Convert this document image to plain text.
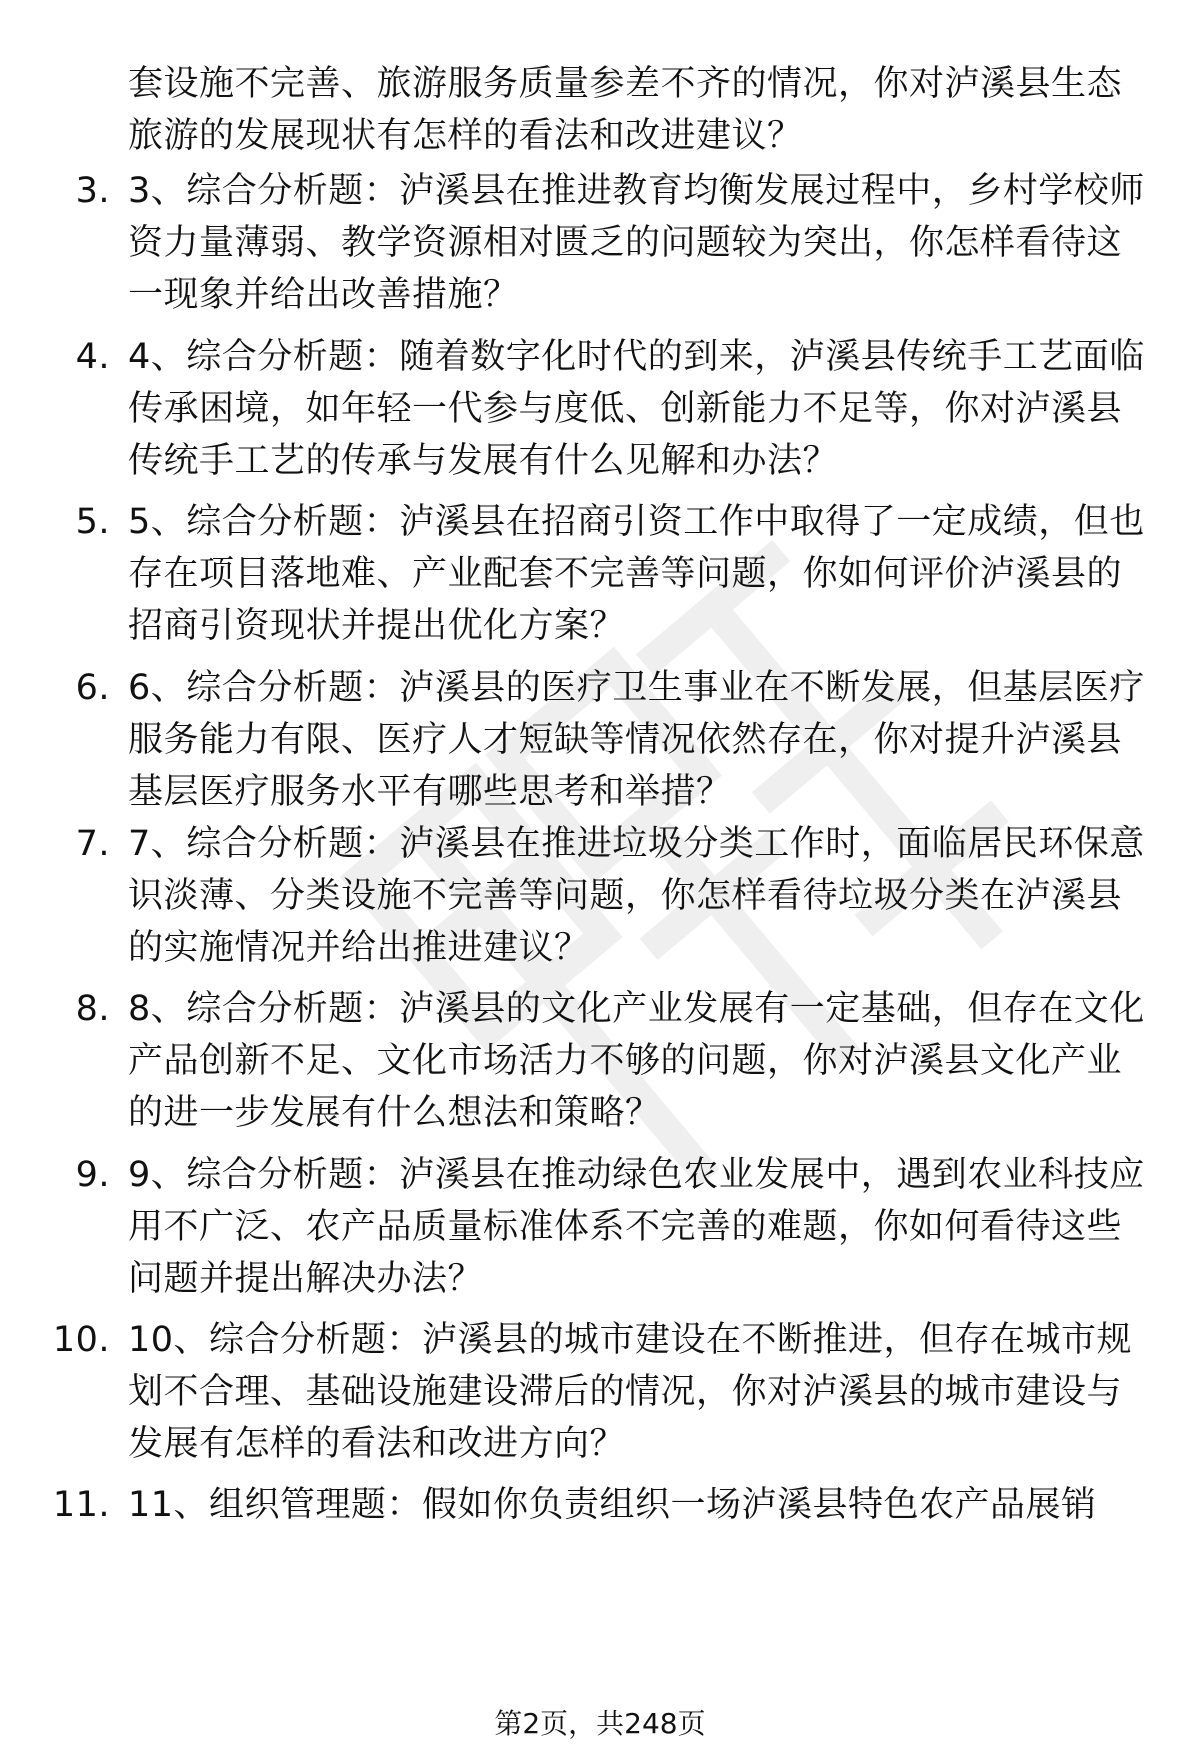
套设施不完善、旅游服务质量参差不齐的情况，你对泸溪县生态
旅游的发展现状有怎样的看法和改进建议？
3. 3、综合分析题：泸溪县在推进教育均衡发展过程中，乡村学校师
资力量薄弱、教学资源相对匮乏的问题较为突出，你怎样看待这
一现象并给出改善措施？
4. 4、综合分析题：随着数字化时代的到来，泸溪县传统手工艺面临
传承困境，如年轻一代参与度低、创新能力不足等，你对泸溪县
传统手工艺的传承与发展有什么见解和办法？
5. 5、综合分析题：泸溪县在招商引资工作中取得了一定成绩，但也
存在项目落地难、产业配套不完善等问题，你如何评价泸溪县的
招商引资现状并提出优化方案？
6. 6、综合分析题：泸溪县的医疗卫生事业在不断发展，但基层医疗
服务能力有限、医疗人才短缺等情况依然存在，你对提升泸溪县
基层医疗服务水平有哪些思考和举措？
7. 7、综合分析题：泸溪县在推进垃圾分类工作时，面临居民环保意
识淡薄、分类设施不完善等问题，你怎样看待垃圾分类在泸溪县
的实施情况并给出推进建议？
8. 8、综合分析题：泸溪县的文化产业发展有一定基础，但存在文化
产品创新不足、文化市场活力不够的问题，你对泸溪县文化产业
的进一步发展有什么想法和策略？
9. 9、综合分析题：泸溪县在推动绿色农业发展中，遇到农业科技应
用不广泛、农产品质量标准体系不完善的难题，你如何看待这些
问题并提出解决办法？
10. 10、综合分析题：泸溪县的城市建设在不断推进，但存在城市规
划不合理、基础设施建设滞后的情况，你对泸溪县的城市建设与
发展有怎样的看法和改进方向？
11. 11、组织管理题：假如你负责组织一场泸溪县特色农产品展销
第2页，共248页
